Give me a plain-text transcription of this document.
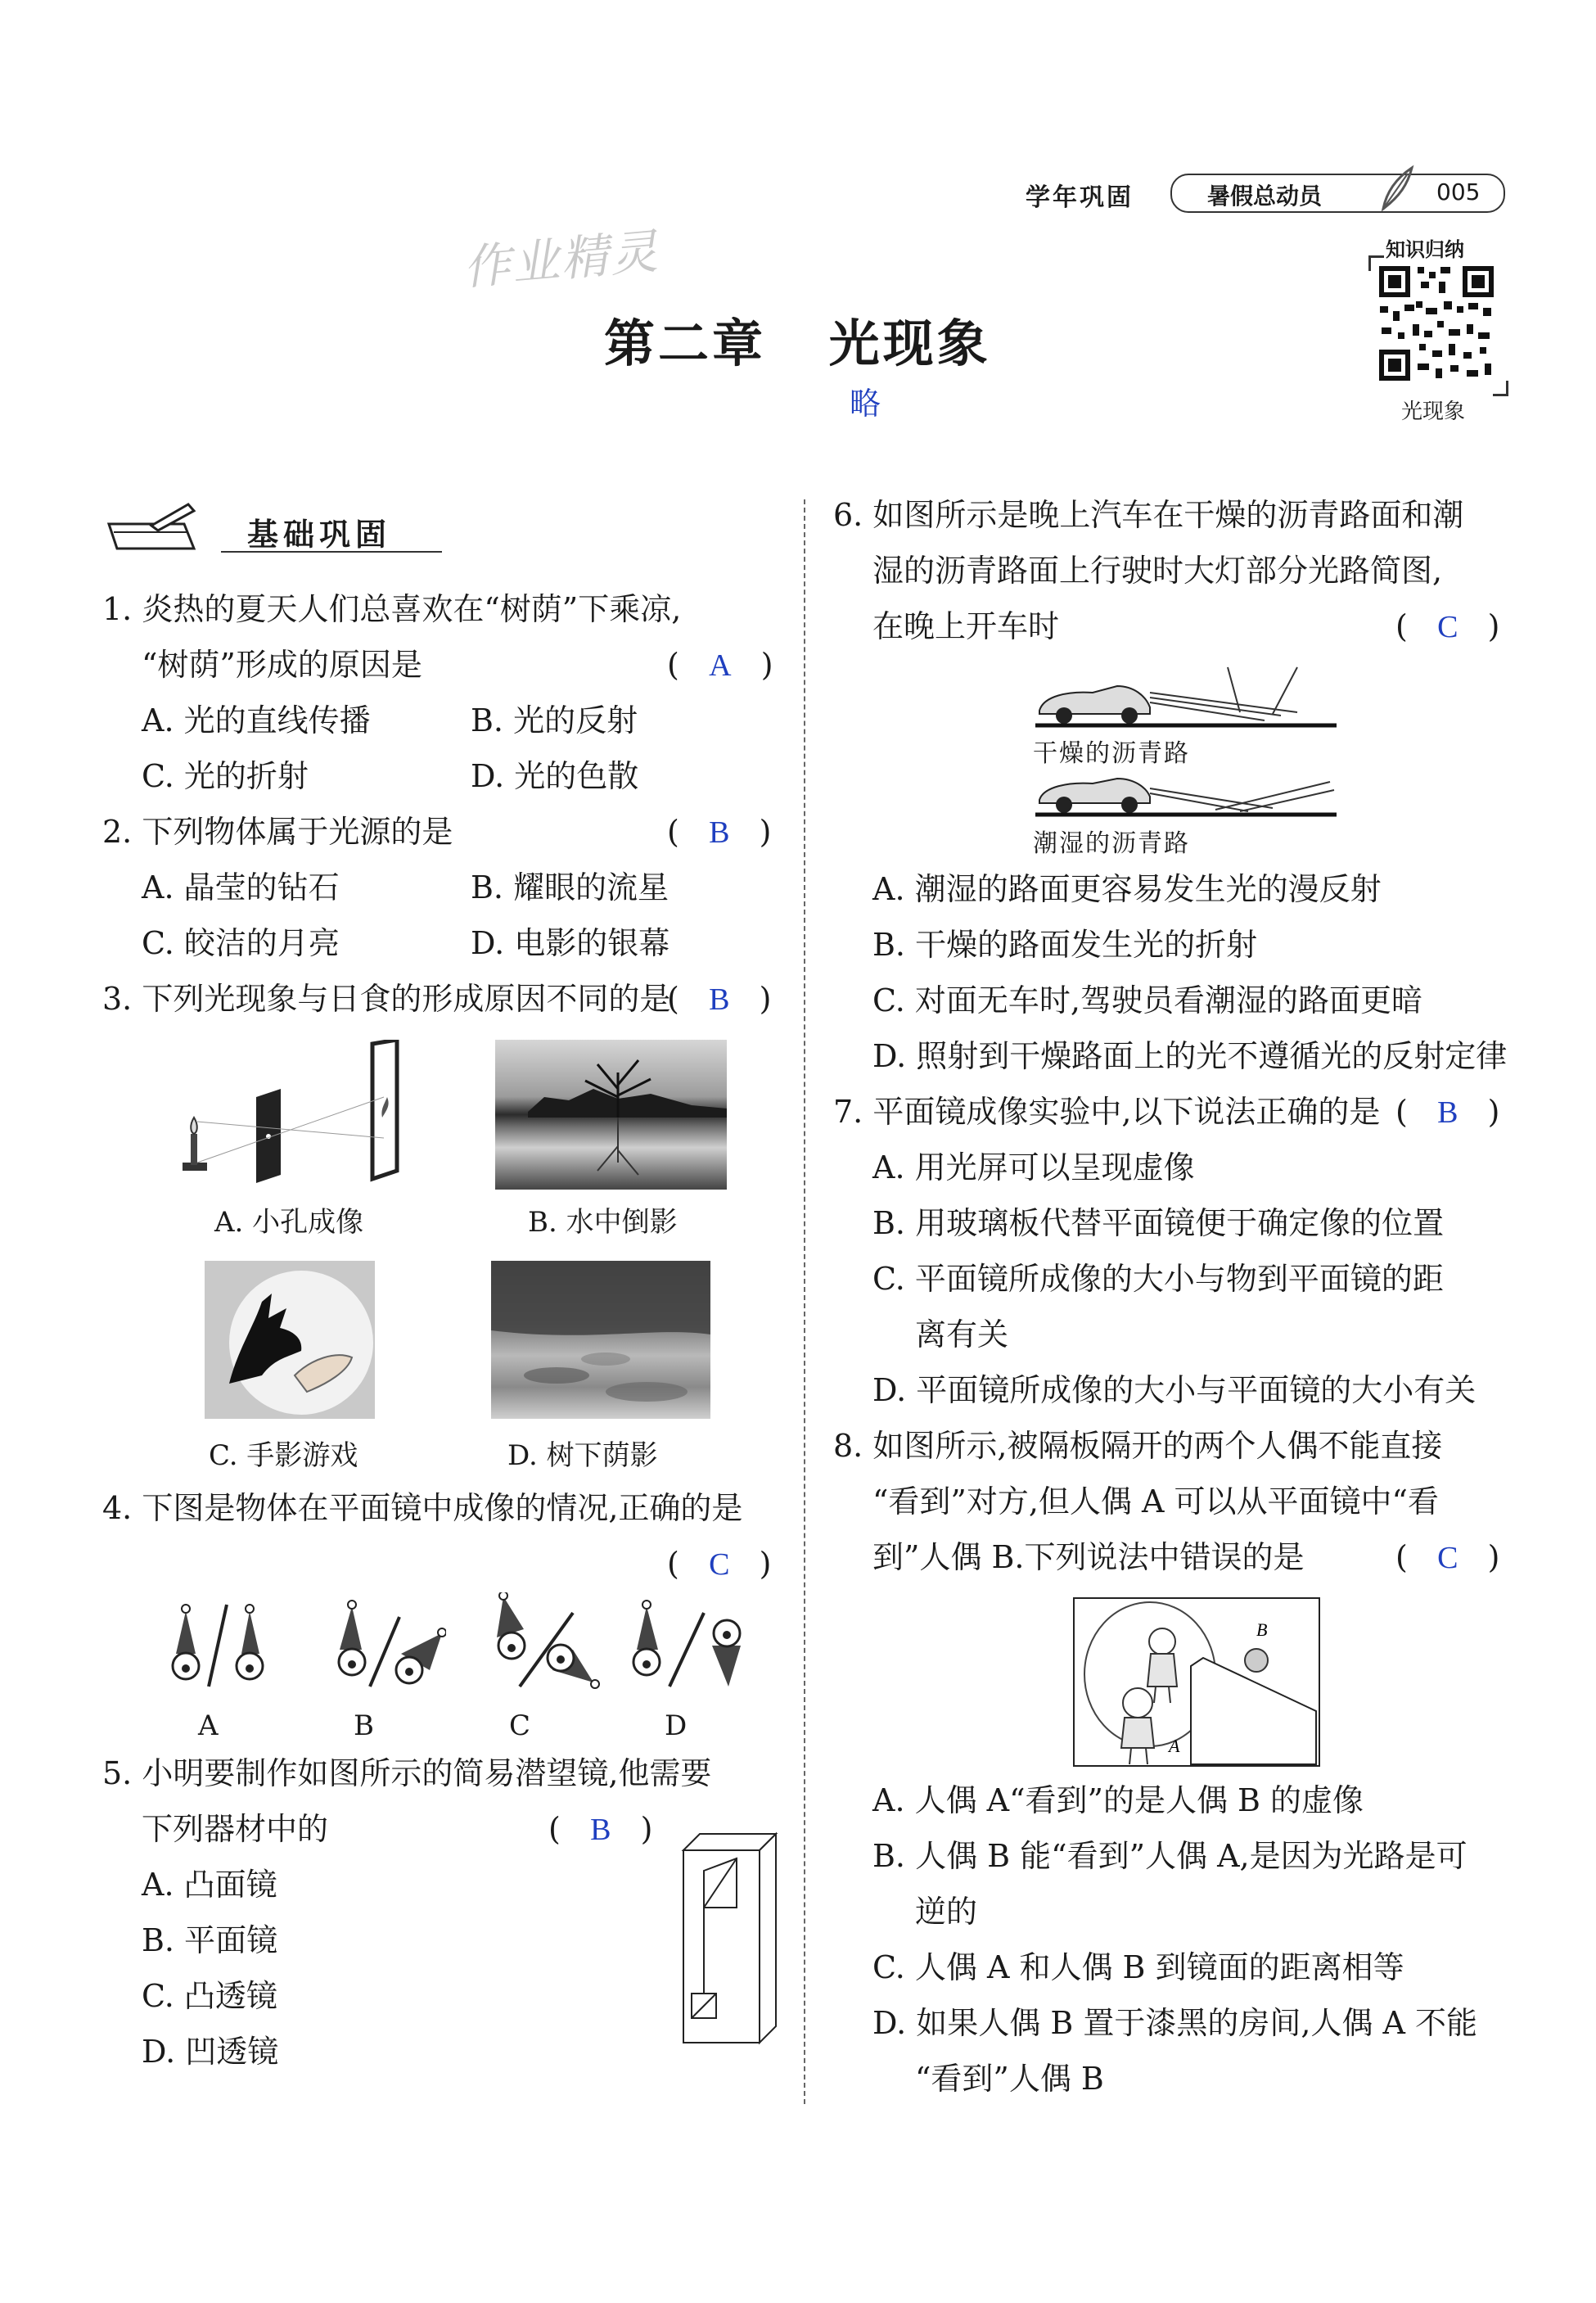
学年巩固	暑假总动员	005
知识归纳
光现象
作业精灵
第二章   光现象
略
基础巩固
1. 炎热的夏天人们总喜欢在“树荫”下乘凉,
“树荫”形成的原因是	(   A   )
A. 光的直线传播	B. 光的反射
C. 光的折射	D. 光的色散
2. 下列物体属于光源的是	(   B   )
A. 晶莹的钻石	B. 耀眼的流星
C. 皎洁的月亮	D. 电影的银幕
3. 下列光现象与日食的形成原因不同的是
(   B   )
A. 小孔成像	B. 水中倒影
C. 手影游戏	D. 树下荫影
4. 下图是物体在平面镜中成像的情况,正确的是
(   C   )
A	B	C	D
5. 小明要制作如图所示的简易潜望镜,他需要
下列器材中的	(   B   )
A. 凸面镜
B. 平面镜
C. 凸透镜
D. 凹透镜
6. 如图所示是晚上汽车在干燥的沥青路面和潮
湿的沥青路面上行驶时大灯部分光路简图,
在晚上开车时	(   C   )
干燥的沥青路
潮湿的沥青路
A. 潮湿的路面更容易发生光的漫反射
B. 干燥的路面发生光的折射
C. 对面无车时,驾驶员看潮湿的路面更暗
D. 照射到干燥路面上的光不遵循光的反射定律
7. 平面镜成像实验中,以下说法正确的是 (   B   )
A. 用光屏可以呈现虚像
B. 用玻璃板代替平面镜便于确定像的位置
C. 平面镜所成像的大小与物到平面镜的距
离有关
D. 平面镜所成像的大小与平面镜的大小有关
8. 如图所示,被隔板隔开的两个人偶不能直接
“看到”对方,但人偶 A 可以从平面镜中“看
到”人偶 B.下列说法中错误的是	(   C   )
B
A
A. 人偶 A“看到”的是人偶 B 的虚像
B. 人偶 B 能“看到”人偶 A,是因为光路是可
逆的
C. 人偶 A 和人偶 B 到镜面的距离相等
D. 如果人偶 B 置于漆黑的房间,人偶 A 不能
“看到”人偶 B
